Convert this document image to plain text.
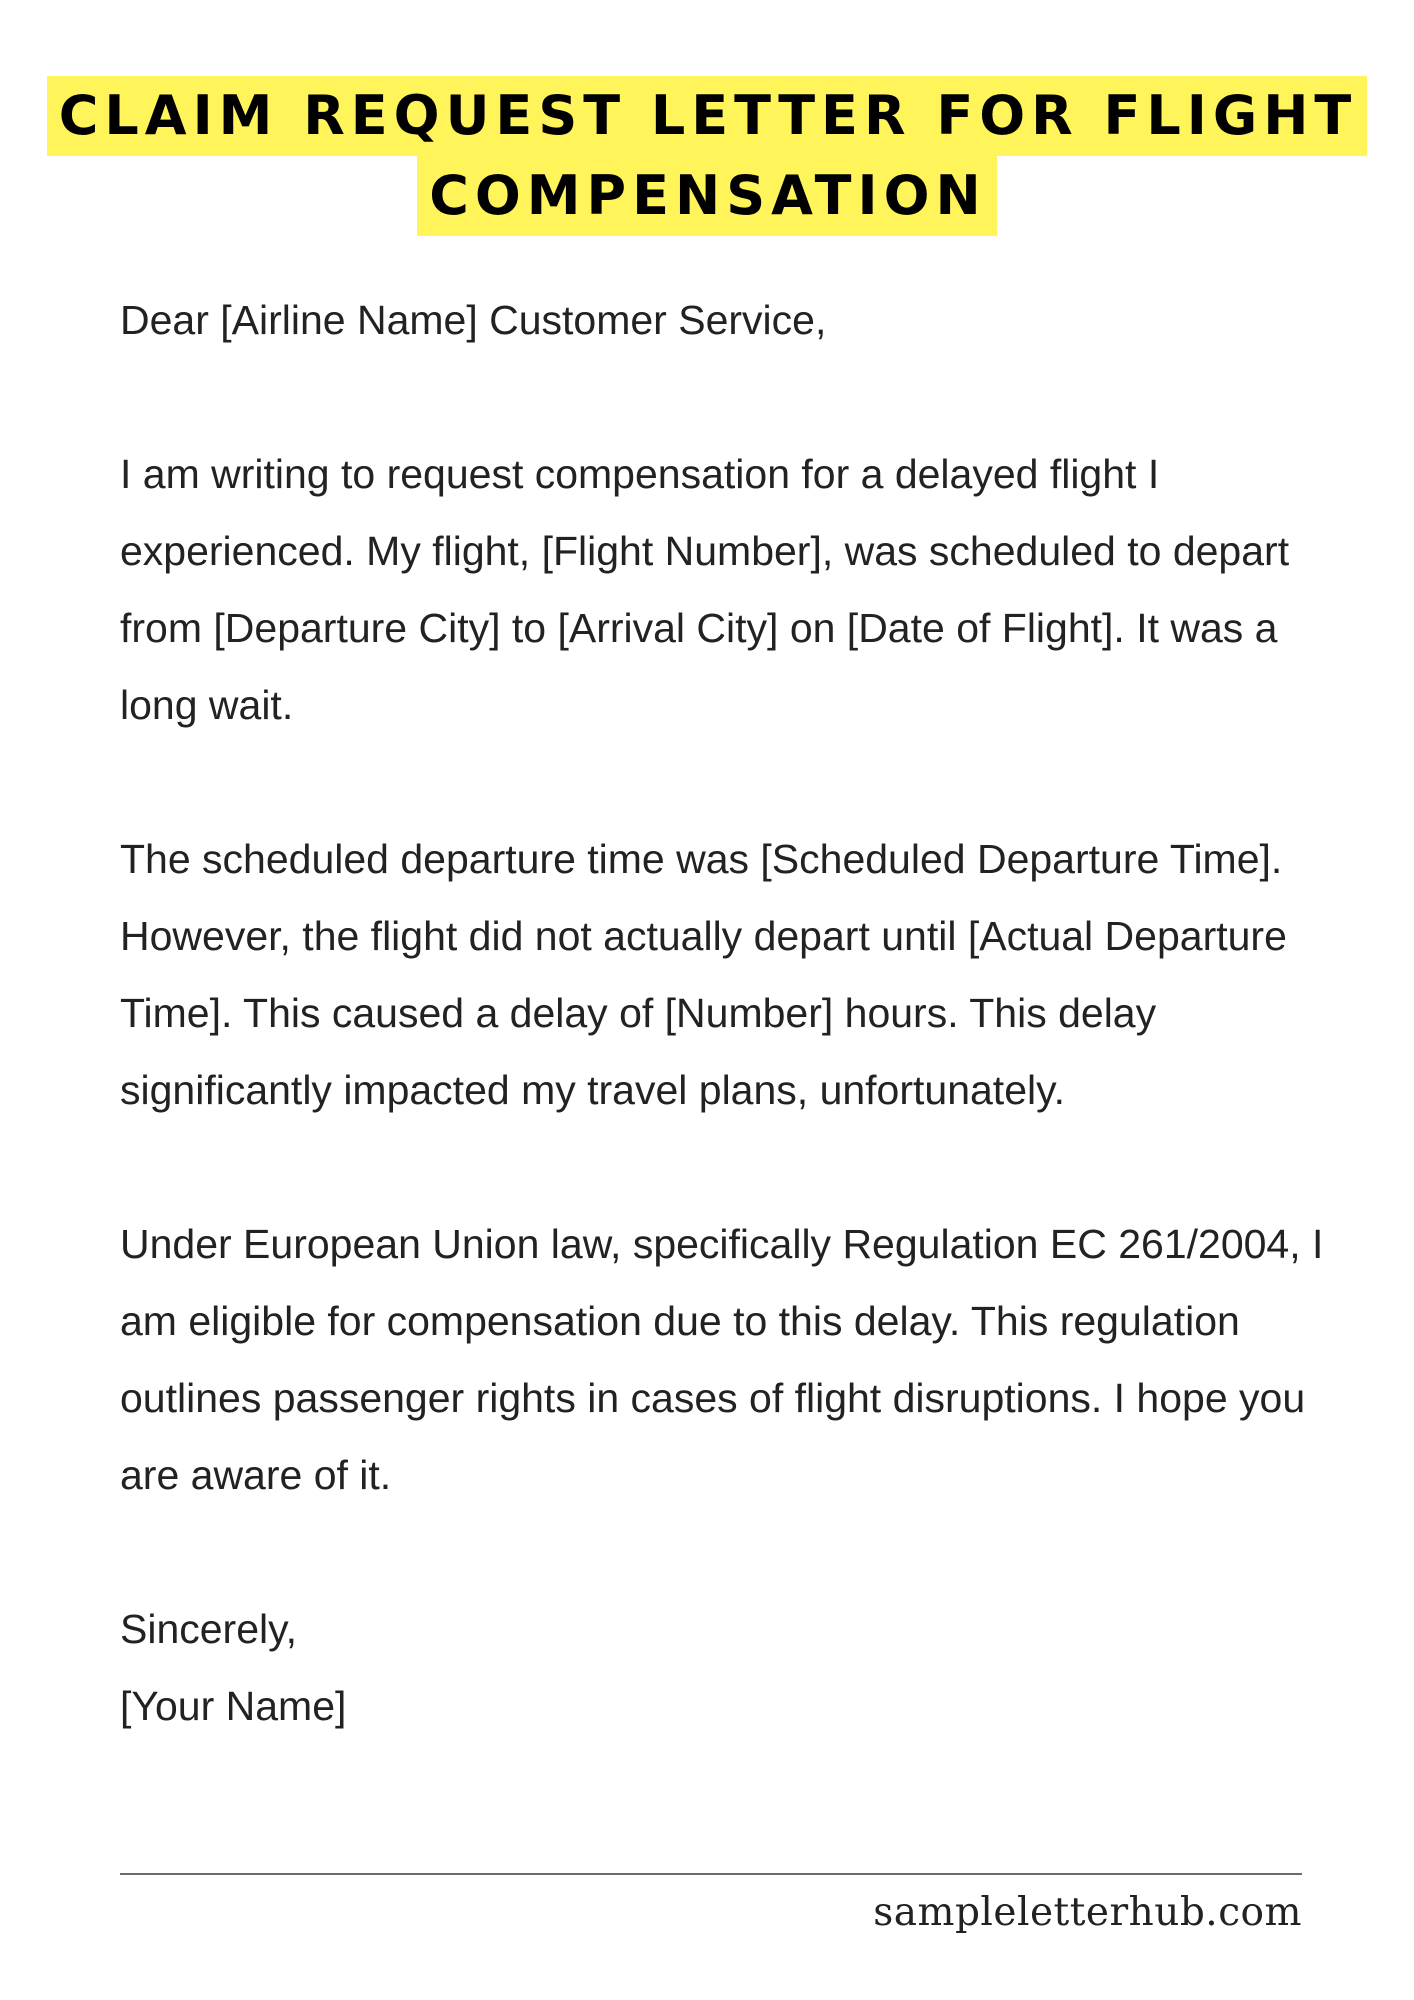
CLAIM REQUEST LETTER FOR FLIGHT
COMPENSATION

Dear [Airline Name] Customer Service,

I am writing to request compensation for a delayed flight I experienced. My flight, [Flight Number], was scheduled to depart from [Departure City] to [Arrival City] on [Date of Flight]. It was a long wait.

The scheduled departure time was [Scheduled Departure Time]. However, the flight did not actually depart until [Actual Departure Time]. This caused a delay of [Number] hours. This delay significantly impacted my travel plans, unfortunately.

Under European Union law, specifically Regulation EC 261/2004, I am eligible for compensation due to this delay. This regulation outlines passenger rights in cases of flight disruptions. I hope you are aware of it.

Sincerely,

[Your Name]

sampleletterhub.com
